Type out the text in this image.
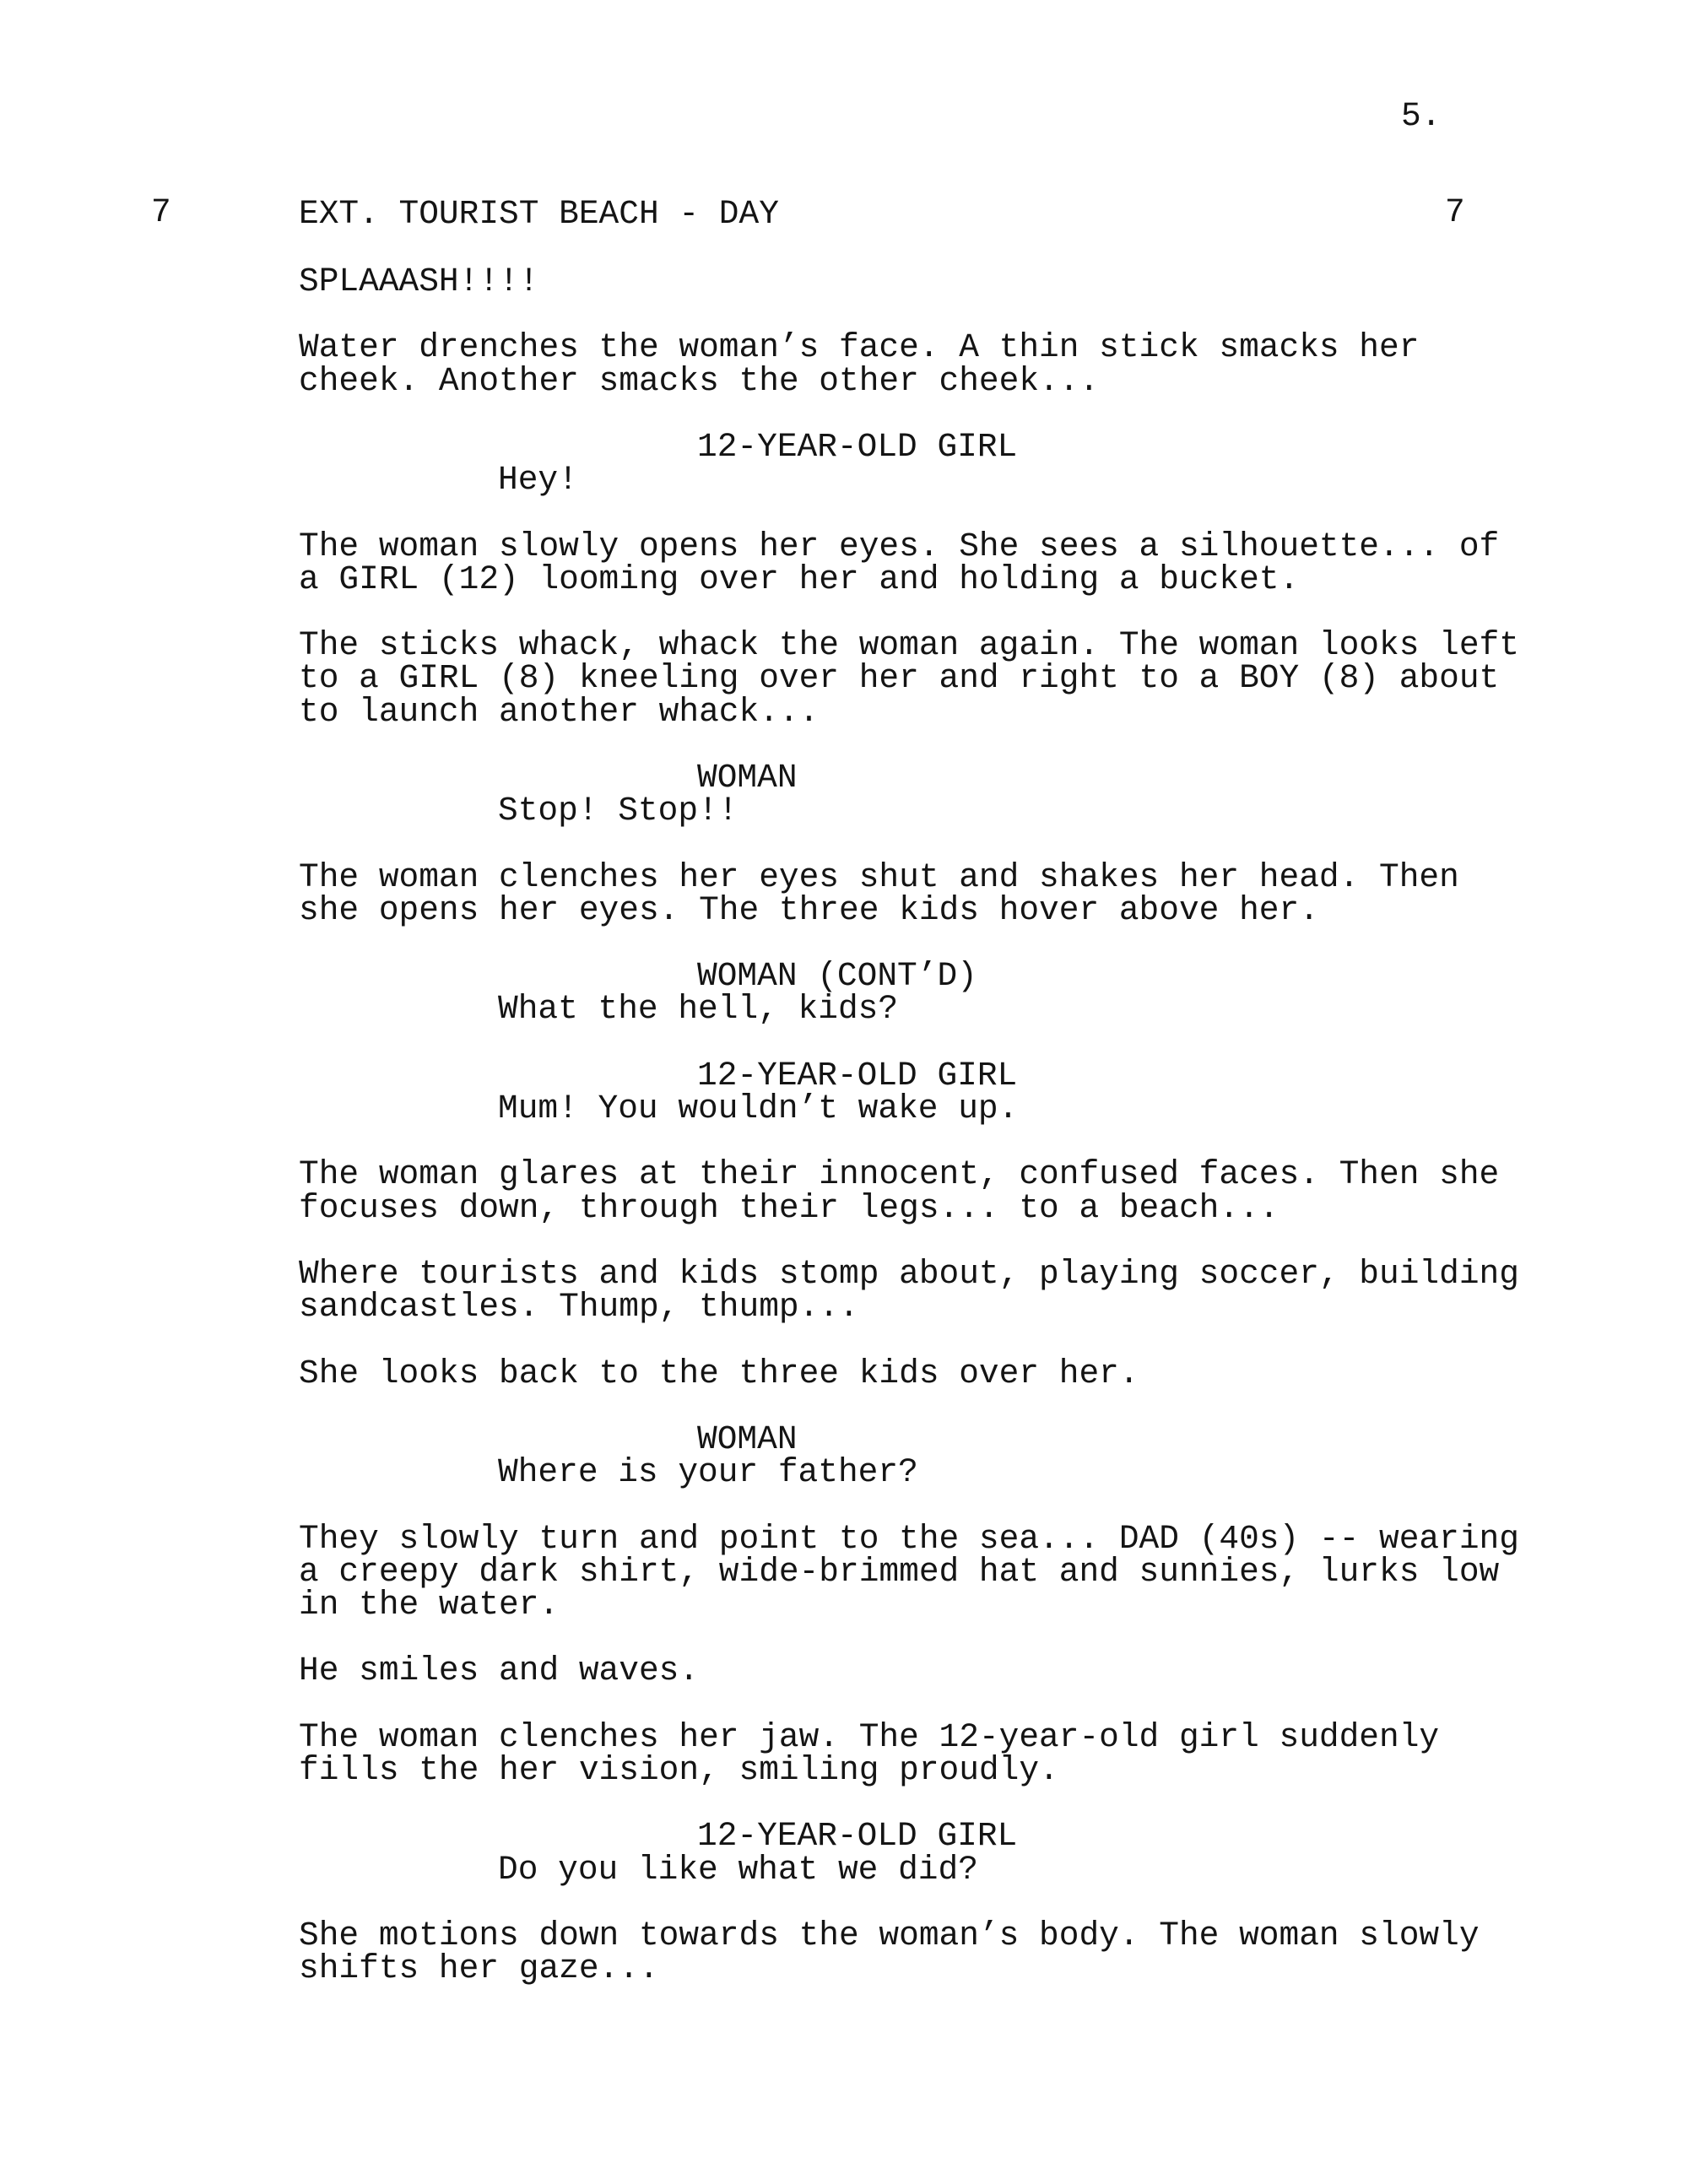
5.
7	EXT. TOURIST BEACH - DAY	7
SPLAAASH!!!!
Water drenches the woman’s face. A thin stick smacks her
cheek. Another smacks the other cheek...
12-YEAR-OLD GIRL
Hey!
The woman slowly opens her eyes. She sees a silhouette... of
a GIRL (12) looming over her and holding a bucket.
The sticks whack, whack the woman again. The woman looks left
to a GIRL (8) kneeling over her and right to a BOY (8) about
to launch another whack...
WOMAN
Stop! Stop!!
The woman clenches her eyes shut and shakes her head. Then
she opens her eyes. The three kids hover above her.
WOMAN (CONT’D)
What the hell, kids?
12-YEAR-OLD GIRL
Mum! You wouldn’t wake up.
The woman glares at their innocent, confused faces. Then she
focuses down, through their legs... to a beach...
Where tourists and kids stomp about, playing soccer, building
sandcastles. Thump, thump...
She looks back to the three kids over her.
WOMAN
Where is your father?
They slowly turn and point to the sea... DAD (40s) -- wearing
a creepy dark shirt, wide-brimmed hat and sunnies, lurks low
in the water.
He smiles and waves.
The woman clenches her jaw. The 12-year-old girl suddenly
fills the her vision, smiling proudly.
12-YEAR-OLD GIRL
Do you like what we did?
She motions down towards the woman’s body. The woman slowly
shifts her gaze...
